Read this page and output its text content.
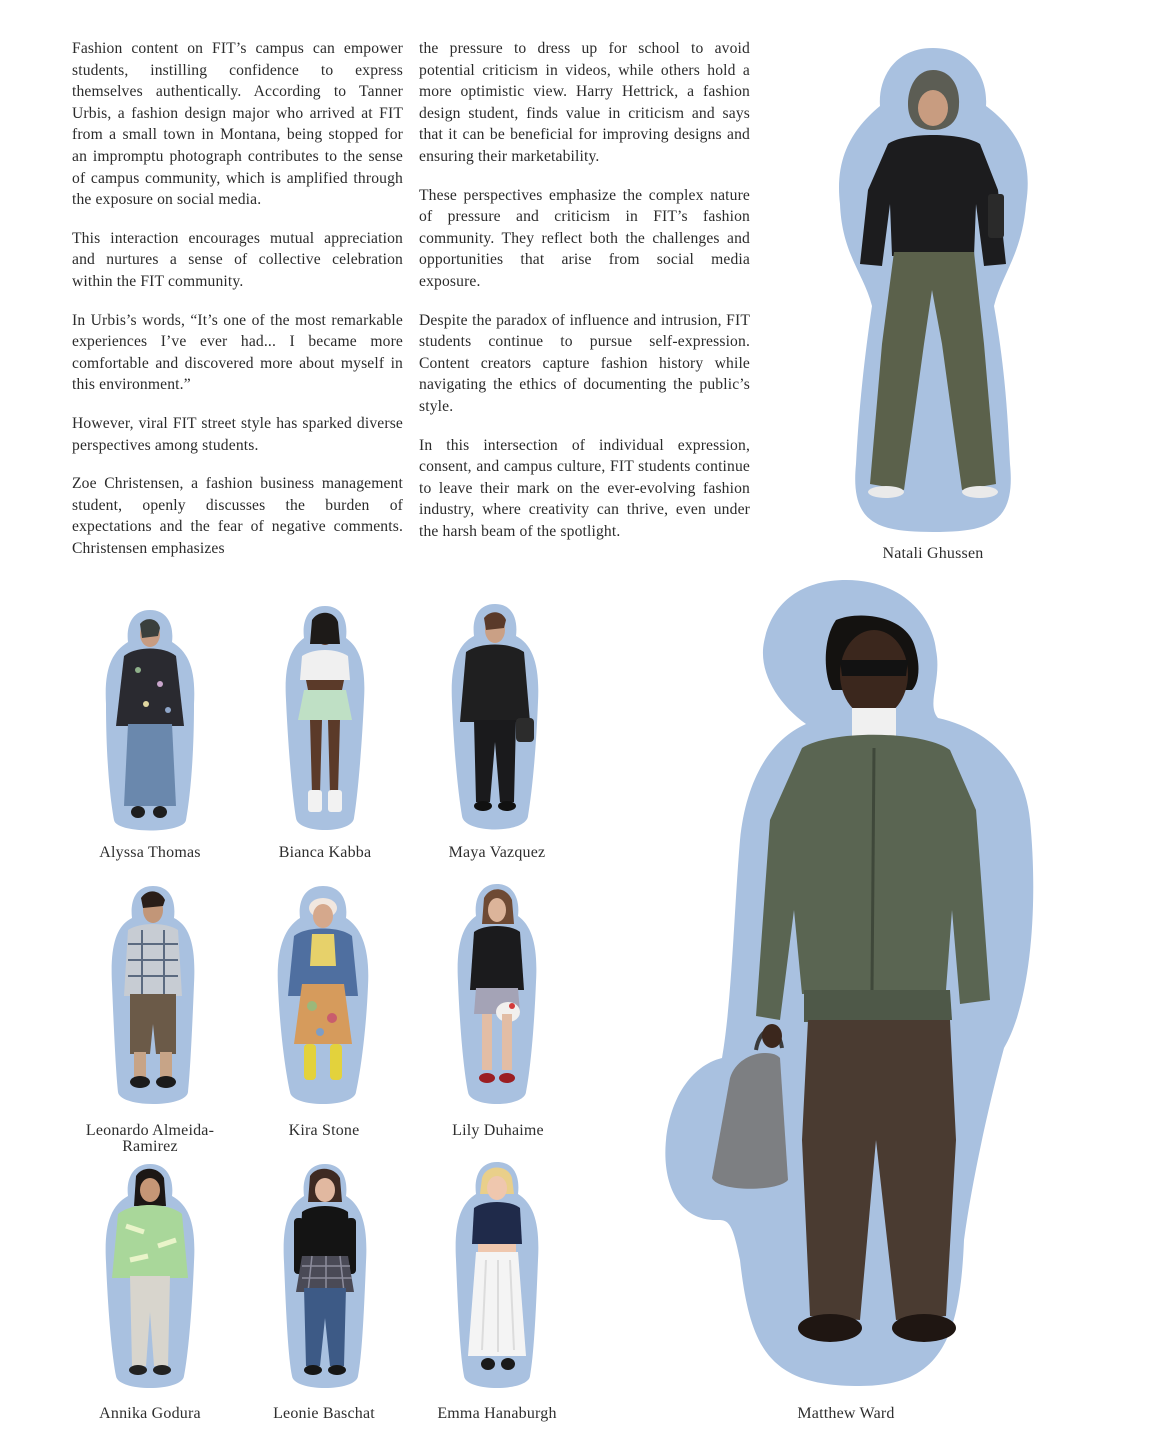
Fashion content on FIT’s campus can empower students, instilling confidence to express themselves authentically. According to Tanner Urbis, a fashion design major who arrived at FIT from a small town in Montana, being stopped for an impromptu photograph contributes to the sense of campus community, which is amplified through the exposure on social media.

This interaction encourages mutual appreciation and nurtures a sense of collective celebration within the FIT community.

In Urbis’s words, “It’s one of the most remarkable experiences I’ve ever had... I became more comfortable and discovered more about myself in this environment.”

However, viral FIT street style has sparked diverse perspectives among students.

Zoe Christensen, a fashion business management student, openly discusses the burden of expectations and the fear of negative comments. Christensen emphasizes

the pressure to dress up for school to avoid potential criticism in videos, while others hold a more optimistic view. Harry Hettrick, a fashion design student, finds value in criticism and says that it can be beneficial for improving designs and ensuring their marketability.

These perspectives emphasize the complex nature of pressure and criticism in FIT’s fashion community. They reflect both the challenges and opportunities that arise from social media exposure.

Despite the paradox of influence and intrusion, FIT students continue to pursue self-expression. Content creators capture fashion history while navigating the ethics of documenting the public’s style.

In this intersection of individual expression, consent, and campus culture, FIT students continue to leave their mark on the ever-evolving fashion industry, where creativity can thrive, even under the harsh beam of the spotlight.

Natali Ghussen
Alyssa Thomas	Bianca Kabba	Maya Vazquez
Leonardo Almeida-Ramirez
Kira Stone	Lily Duhaime
Annika Godura	Leonie Baschat	Emma Hanaburgh	Matthew Ward
